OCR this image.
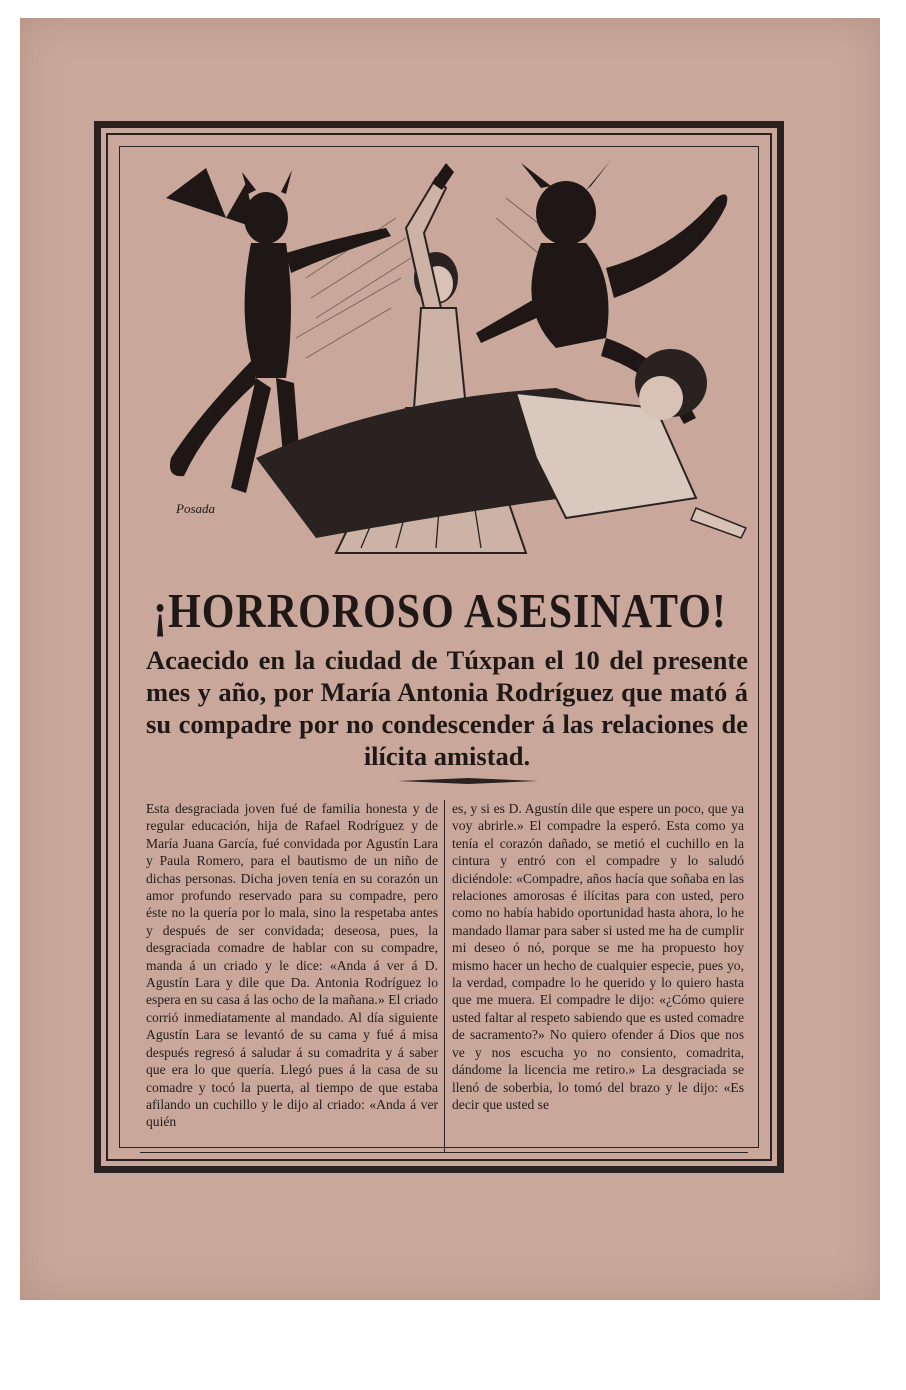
Posada
¡HORROROSO ASESINATO!
Acaecido en la ciudad de Túxpan el 10 del presente mes y año, por María Antonia Rodríguez que mató á su compadre por no condescender á las relaciones de ilícita amistad.
Esta desgraciada joven fué de familia honesta y de regular educación, hija de Rafael Rodríguez y de María Juana García, fué convidada por Agustín Lara y Paula Romero, para el bautismo de un niño de dichas personas. Dicha joven tenía en su corazón un amor profundo reservado para su compadre, pero éste no la quería por lo mala, sino la respetaba antes y después de ser convidada; deseosa, pues, la desgraciada comadre de hablar con su compadre, manda á un criado y le dice: «Anda á ver á D. Agustín Lara y dile que Da. Antonia Rodríguez lo espera en su casa á las ocho de la mañana.» El criado corrió inmediatamente al mandado. Al día siguiente Agustín Lara se levantó de su cama y fué á misa después regresó á saludar á su comadrita y á saber que era lo que quería. Llegó pues á la casa de su comadre y tocó la puerta, al tiempo de que estaba afilando un cuchillo y le dijo al criado: «Anda á ver quién
es, y si es D. Agustín dile que espere un poco, que ya voy abrirle.» El compadre la esperó. Esta como ya tenía el corazón dañado, se metió el cuchillo en la cintura y entró con el compadre y lo saludó diciéndole: «Compadre, años hacía que soñaba en las relaciones amorosas é ilícitas para con usted, pero como no había habido oportunidad hasta ahora, lo he mandado llamar para saber si usted me ha de cumplir mi deseo ó nó, porque se me ha propuesto hoy mismo hacer un hecho de cualquier especie, pues yo, la verdad, compadre lo he querido y lo quiero hasta que me muera. El compadre le dijo: «¿Cómo quiere usted faltar al respeto sabiendo que es usted comadre de sacramento?» No quiero ofender á Dios que nos ve y nos escucha yo no consiento, comadrita, dándome la licencia me retiro.» La desgraciada se llenó de soberbia, lo tomó del brazo y le dijo: «Es decir que usted se
